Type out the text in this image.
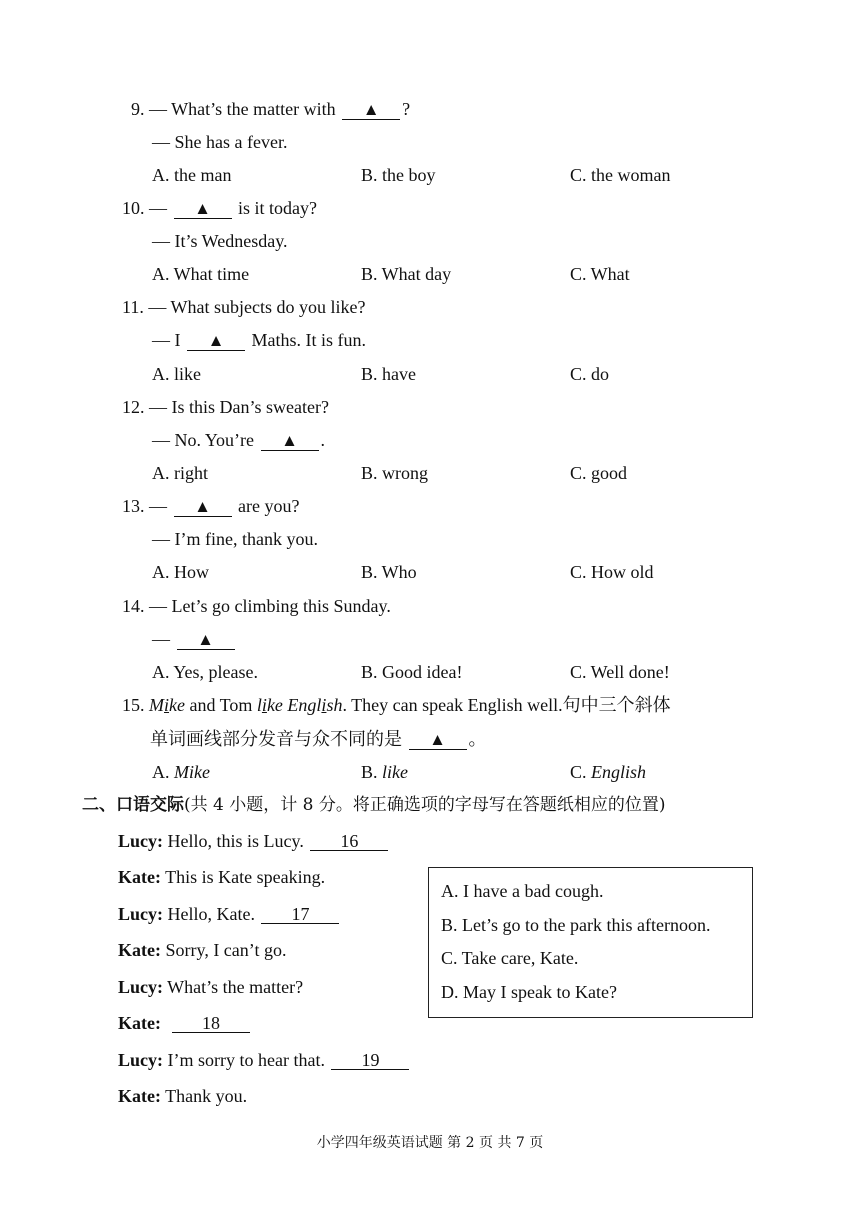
9. — What’s the matter with ▲ ?
— She has a fever.
A. the man	B. the boy	C. the woman
10. — ▲ is it today?
— It’s Wednesday.
A. What time	B. What day	C. What
11. — What subjects do you like?
— I ▲ Maths. It is fun.
A. like	B. have	C. do
12. — Is this Dan’s sweater?
— No. You’re ▲ .
A. right	B. wrong	C. good
13. — ▲ are you?
— I’m fine, thank you.
A. How	B. Who	C. How old
14. — Let’s go climbing this Sunday.
— ▲
A. Yes, please.	B. Good idea!	C. Well done!
15. Mike and Tom like English. They can speak English well.句中三个斜体
单词画线部分发音与众不同的是 ▲ 。
A. Mike	B. like	C. English
二、口语交际(共 4 小题，计 8 分。将正确选项的字母写在答题纸相应的位置)
Lucy: Hello, this is Lucy. 16
Kate: This is Kate speaking.
Lucy: Hello, Kate. 17
Kate: Sorry, I can’t go.
Lucy: What’s the matter?
Kate: 18
Lucy: I’m sorry to hear that. 19
Kate: Thank you.
A. I have a bad cough.
B. Let’s go to the park this afternoon.
C. Take care, Kate.
D. May I speak to Kate?
小学四年级英语试题 第 2 页 共 7 页
